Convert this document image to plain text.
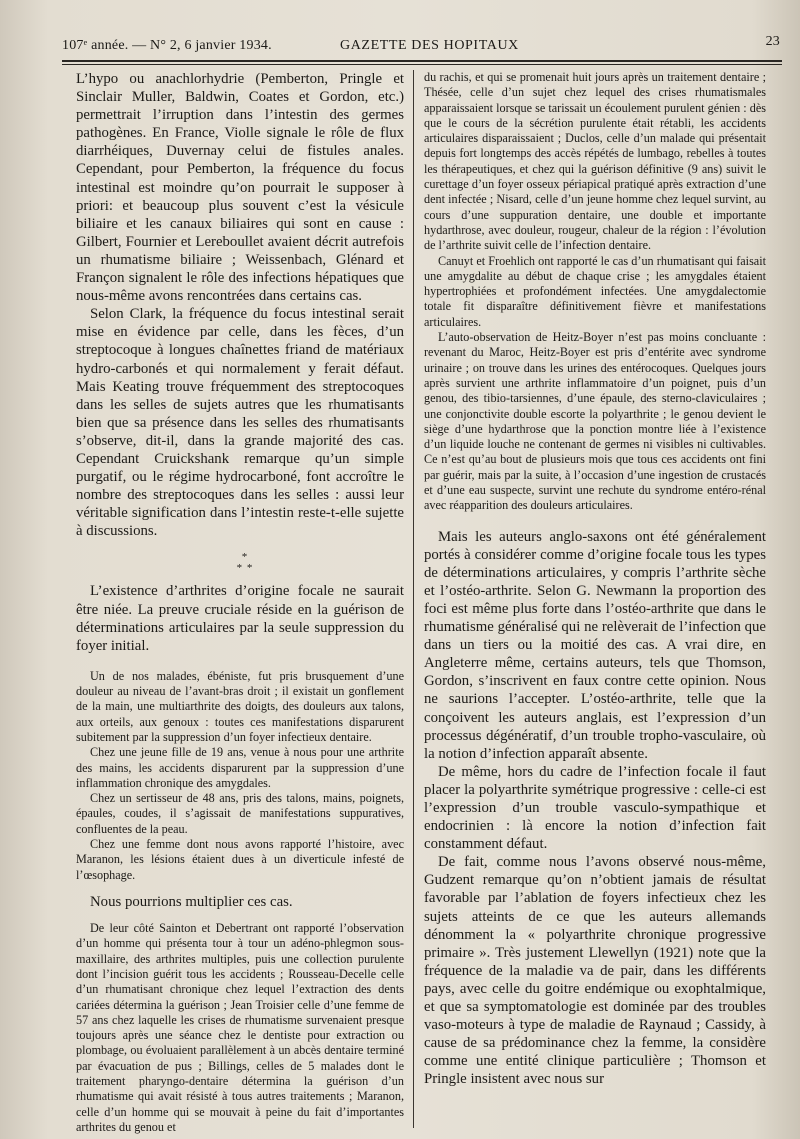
107ᵉ année. — N° 2, 6 janvier 1934.	GAZETTE DES HOPITAUX	23

L’hypo ou anachlorhydrie (Pemberton, Pringle et Sinclair Muller, Baldwin, Coates et Gordon, etc.) permettrait l’irruption dans l’intestin des germes pathogènes. En France, Violle signale le rôle de flux diarrhéiques, Duvernay celui de fistules anales. Cependant, pour Pemberton, la fréquence du focus intestinal est moindre qu’on pourrait le supposer à priori: et beaucoup plus souvent c’est la vésicule biliaire et les canaux biliaires qui sont en cause : Gilbert, Fournier et Lereboullet avaient décrit autrefois un rhumatisme biliaire ; Weissenbach, Glénard et Françon signalent le rôle des infections hépatiques que nous-même avons rencontrées dans certains cas.

Selon Clark, la fréquence du focus intestinal serait mise en évidence par celle, dans les fèces, d’un streptocoque à longues chaînettes friand de matériaux hydro-carbonés et qui normalement y ferait défaut. Mais Keating trouve fréquemment des streptocoques dans les selles de sujets autres que les rhumatisants bien que sa présence dans les selles des rhumatisants s’observe, dit-il, dans la grande majorité des cas. Cependant Cruickshank remarque qu’un simple purgatif, ou le régime hydrocarboné, font accroître le nombre des streptocoques dans les selles : aussi leur véritable signification dans l’intestin reste-t-elle sujette à discussions.

*
* *

L’existence d’arthrites d’origine focale ne saurait être niée. La preuve cruciale réside en la guérison de déterminations articulaires par la seule suppression du foyer initial.

Un de nos malades, ébéniste, fut pris brusquement d’une douleur au niveau de l’avant-bras droit ; il existait un gonflement de la main, une multiarthrite des doigts, des douleurs aux talons, aux orteils, aux genoux : toutes ces manifestations disparurent subitement par la suppression d’un foyer infectieux dentaire.

Chez une jeune fille de 19 ans, venue à nous pour une arthrite des mains, les accidents disparurent par la suppression d’une inflammation chronique des amygdales.

Chez un sertisseur de 48 ans, pris des talons, mains, poignets, épaules, coudes, il s’agissait de manifestations suppuratives, confluentes de la peau.

Chez une femme dont nous avons rapporté l’histoire, avec Maranon, les lésions étaient dues à un diverticule infesté de l’œsophage.

Nous pourrions multiplier ces cas.

De leur côté Sainton et Debertrant ont rapporté l’observation d’un homme qui présenta tour à tour un adéno-phlegmon sous-maxillaire, des arthrites multiples, puis une collection purulente dont l’incision guérit tous les accidents ; Rousseau-Decelle celle d’un rhumatisant chronique chez lequel l’extraction des dents cariées détermina la guérison ; Jean Troisier celle d’une femme de 57 ans chez laquelle les crises de rhumatisme survenaient presque toujours après une séance chez le dentiste pour extraction ou plombage, ou évoluaient parallèlement à un abcès dentaire terminé par évacuation de pus ; Billings, celles de 5 malades dont le traitement pharyngo-dentaire détermina la guérison d’un rhumatisme qui avait résisté à tous autres traitements ; Maranon, celle d’un homme qui se mouvait à peine du fait d’importantes arthrites du genou et

du rachis, et qui se promenait huit jours après un traitement dentaire ; Thésée, celle d’un sujet chez lequel des crises rhumatismales apparaissaient lorsque se tarissait un écoulement purulent génien : dès que le cours de la sécrétion purulente était rétabli, les accidents articulaires disparaissaient ; Duclos, celle d’un malade qui présentait depuis fort longtemps des accès répétés de lumbago, rebelles à toutes les thérapeutiques, et chez qui la guérison définitive (9 ans) suivit le curettage d’un foyer osseux périapical pratiqué après extraction d’une dent infectée ; Nisard, celle d’un jeune homme chez lequel survint, au cours d’une suppuration dentaire, une double et importante hydarthrose, avec douleur, rougeur, chaleur de la région : l’évolution de l’arthrite suivit celle de l’infection dentaire.

Canuyt et Froehlich ont rapporté le cas d’un rhumatisant qui faisait une amygdalite au début de chaque crise ; les amygdales étaient hypertrophiées et profondément infectées. Une amygdalectomie totale fit disparaître définitivement fièvre et manifestations articulaires.

L’auto-observation de Heitz-Boyer n’est pas moins concluante : revenant du Maroc, Heitz-Boyer est pris d’entérite avec syndrome urinaire ; on trouve dans les urines des entérocoques. Quelques jours après survient une arthrite inflammatoire d’un poignet, puis d’un genou, des tibio-tarsiennes, d’une épaule, des sterno-claviculaires ; une conjonctivite double escorte la polyarthrite ; le genou devient le siège d’une hydarthrose que la ponction montre liée à l’existence d’un liquide louche ne contenant de germes ni visibles ni cultivables. Ce n’est qu’au bout de plusieurs mois que tous ces accidents ont fini par guérir, mais par la suite, à l’occasion d’une ingestion de crustacés et d’une eau suspecte, survint une rechute du syndrome entéro-rénal avec réapparition des douleurs articulaires.

Mais les auteurs anglo-saxons ont été généralement portés à considérer comme d’origine focale tous les types de déterminations articulaires, y compris l’arthrite sèche et l’ostéo-arthrite. Selon G. Newmann la proportion des foci est même plus forte dans l’ostéo-arthrite que dans le rhumatisme généralisé qui ne relèverait de l’infection que dans un tiers ou la moitié des cas. A vrai dire, en Angleterre même, certains auteurs, tels que Thomson, Gordon, s’inscrivent en faux contre cette opinion. Nous ne saurions l’accepter. L’ostéo-arthrite, telle que la conçoivent les auteurs anglais, est l’expression d’un processus dégénératif, d’un trouble tropho-vasculaire, où la notion d’infection apparaît absente.

De même, hors du cadre de l’infection focale il faut placer la polyarthrite symétrique progressive : celle-ci est l’expression d’un trouble vasculo-sympathique et endocrinien : là encore la notion d’infection fait constamment défaut.

De fait, comme nous l’avons observé nous-même, Gudzent remarque qu’on n’obtient jamais de résultat favorable par l’ablation de foyers infectieux chez les sujets atteints de ce que les auteurs allemands dénomment la « polyarthrite chronique progressive primaire ». Très justement Llewellyn (1921) note que la fréquence de la maladie va de pair, dans les différents pays, avec celle du goitre endémique ou exophtalmique, et que sa symptomatologie est dominée par des troubles vaso-moteurs à type de maladie de Raynaud ; Cassidy, à cause de sa prédominance chez la femme, la considère comme une entité clinique particulière ; Thomson et Pringle insistent avec nous sur
